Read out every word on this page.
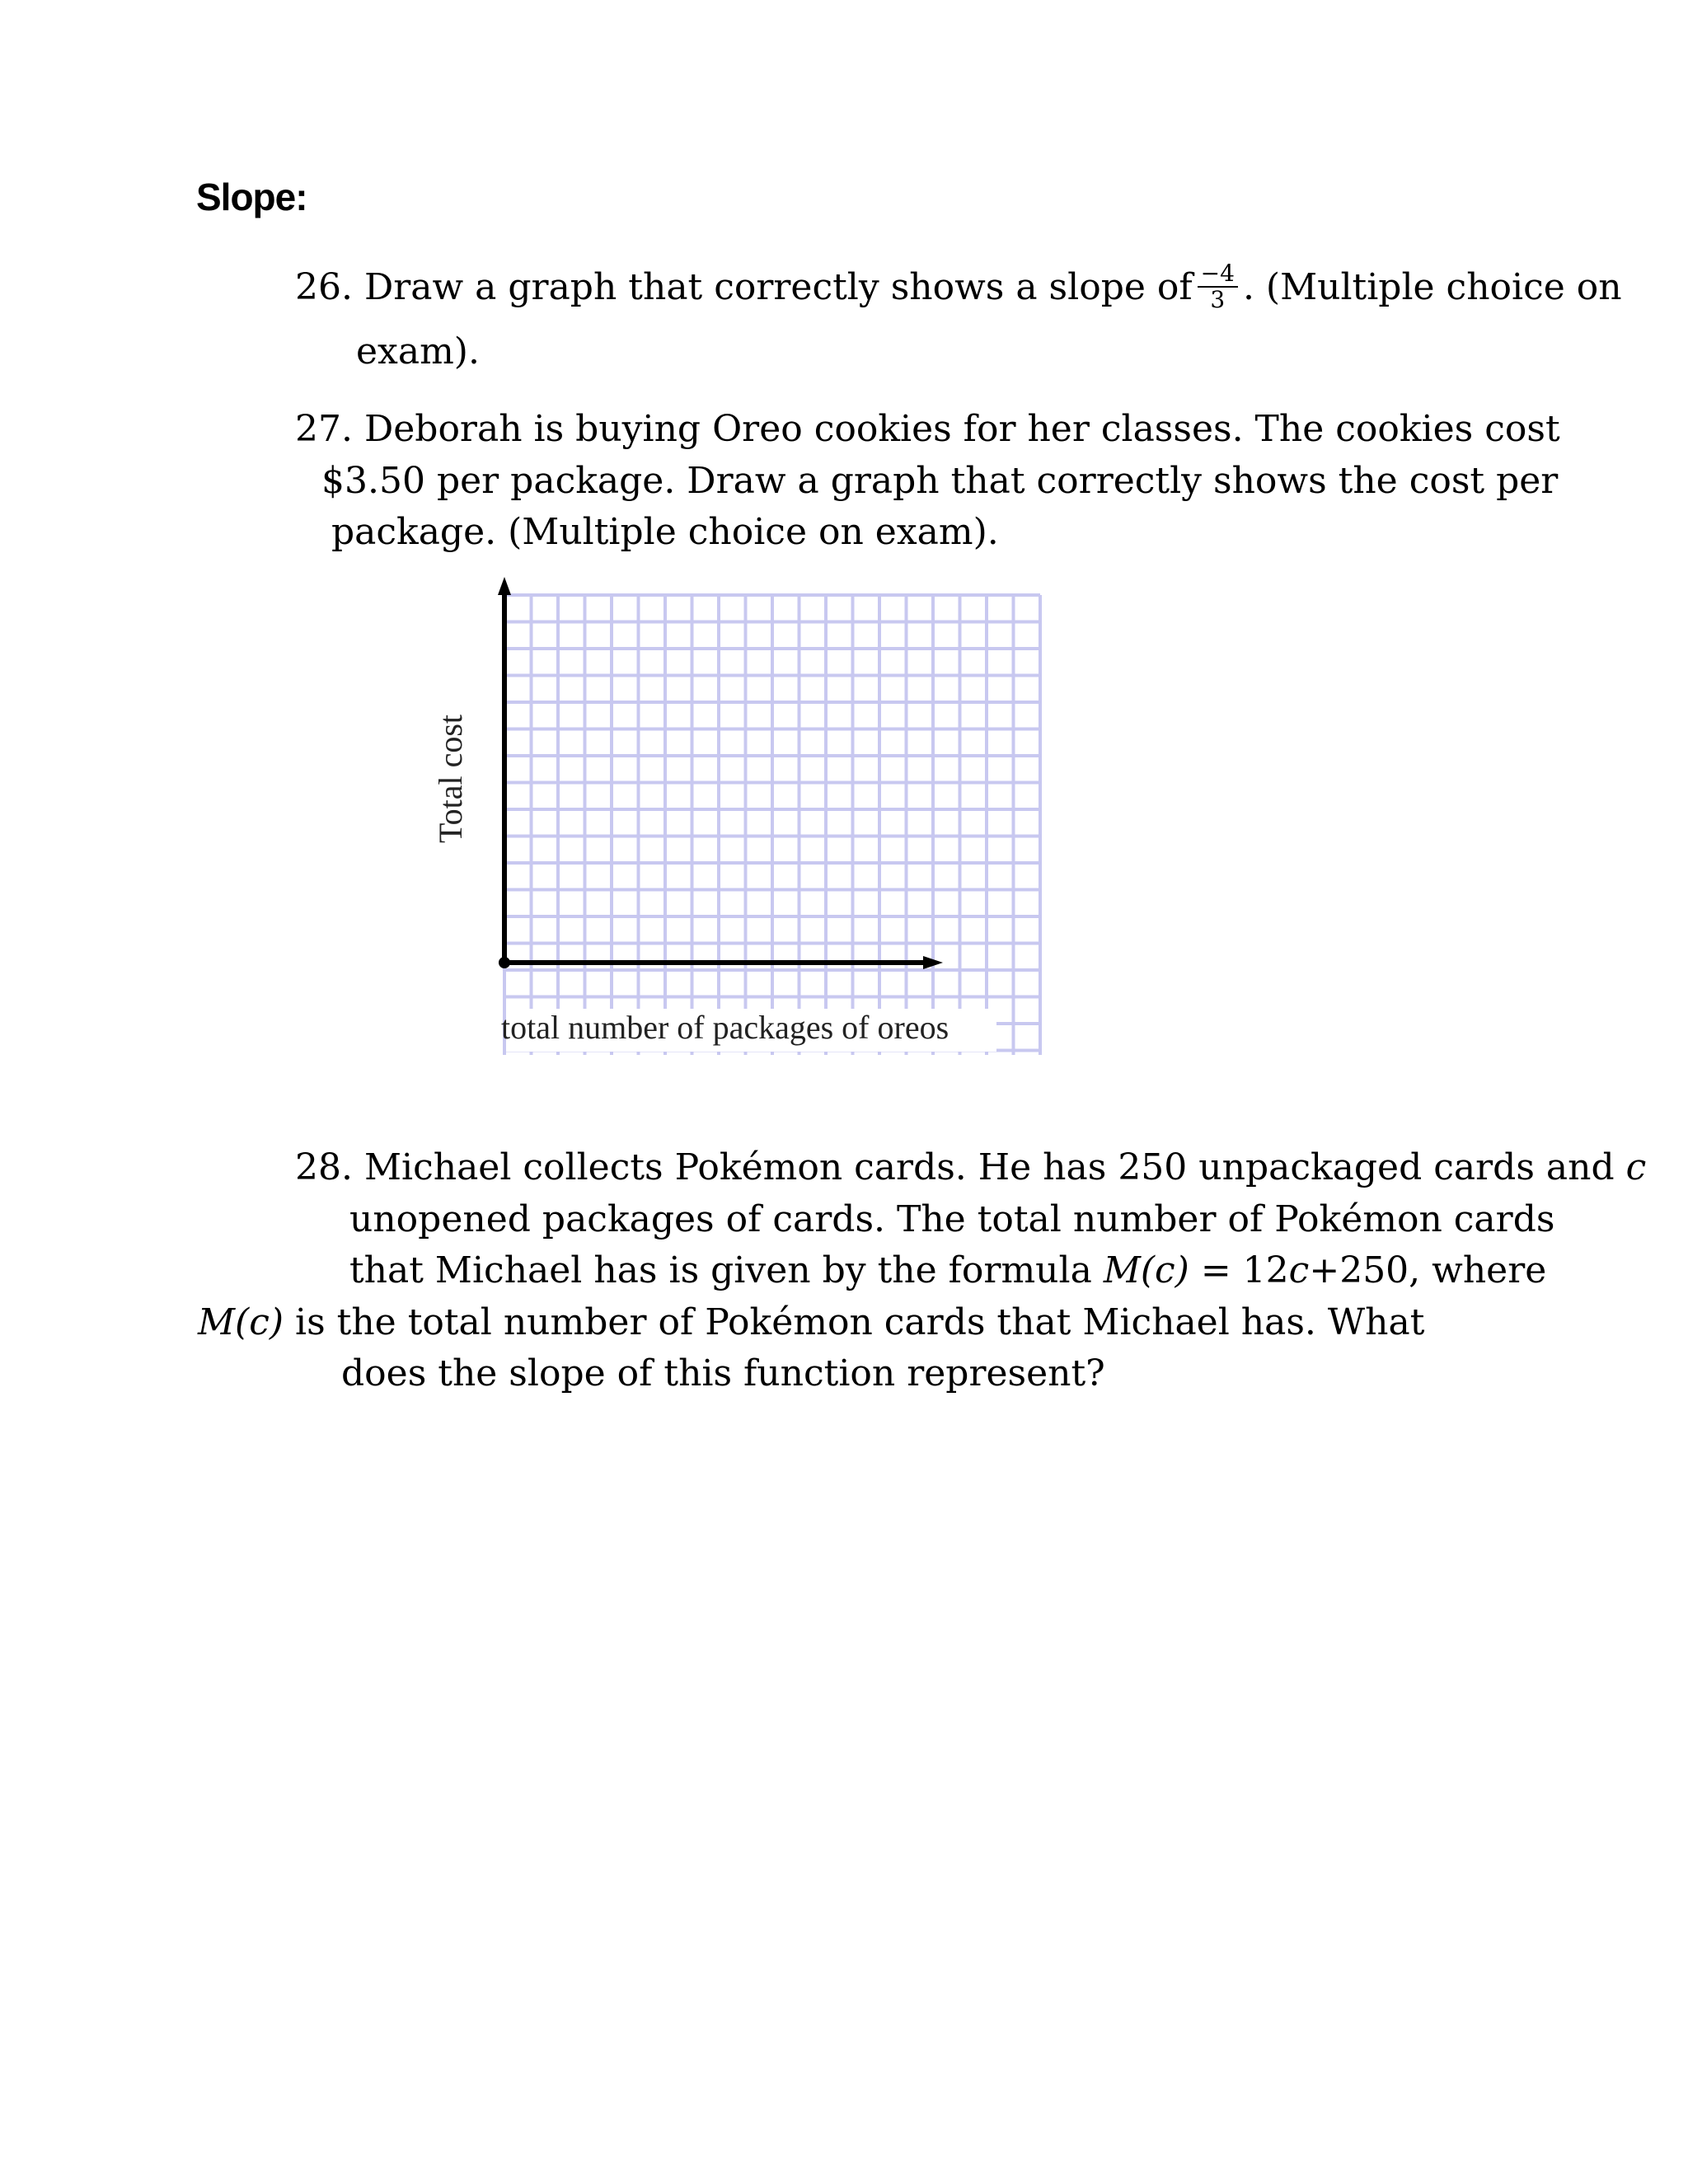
Slope:
26. Draw a graph that correctly shows a slope of $\frac{-4}{3}$ . (Multiple choice on
exam).
27. Deborah is buying Oreo cookies for her classes. The cookies cost
$3.50 per package. Draw a graph that correctly shows the cost per
package. (Multiple choice on exam).
Total cost
total number of packages of oreos
28. Michael collects Pokémon cards. He has 250 unpackaged cards and c
unopened packages of cards. The total number of Pokémon cards
that Michael has is given by the formula M(c) = 12c+250, where
M(c) is the total number of Pokémon cards that Michael has. What
does the slope of this function represent?
